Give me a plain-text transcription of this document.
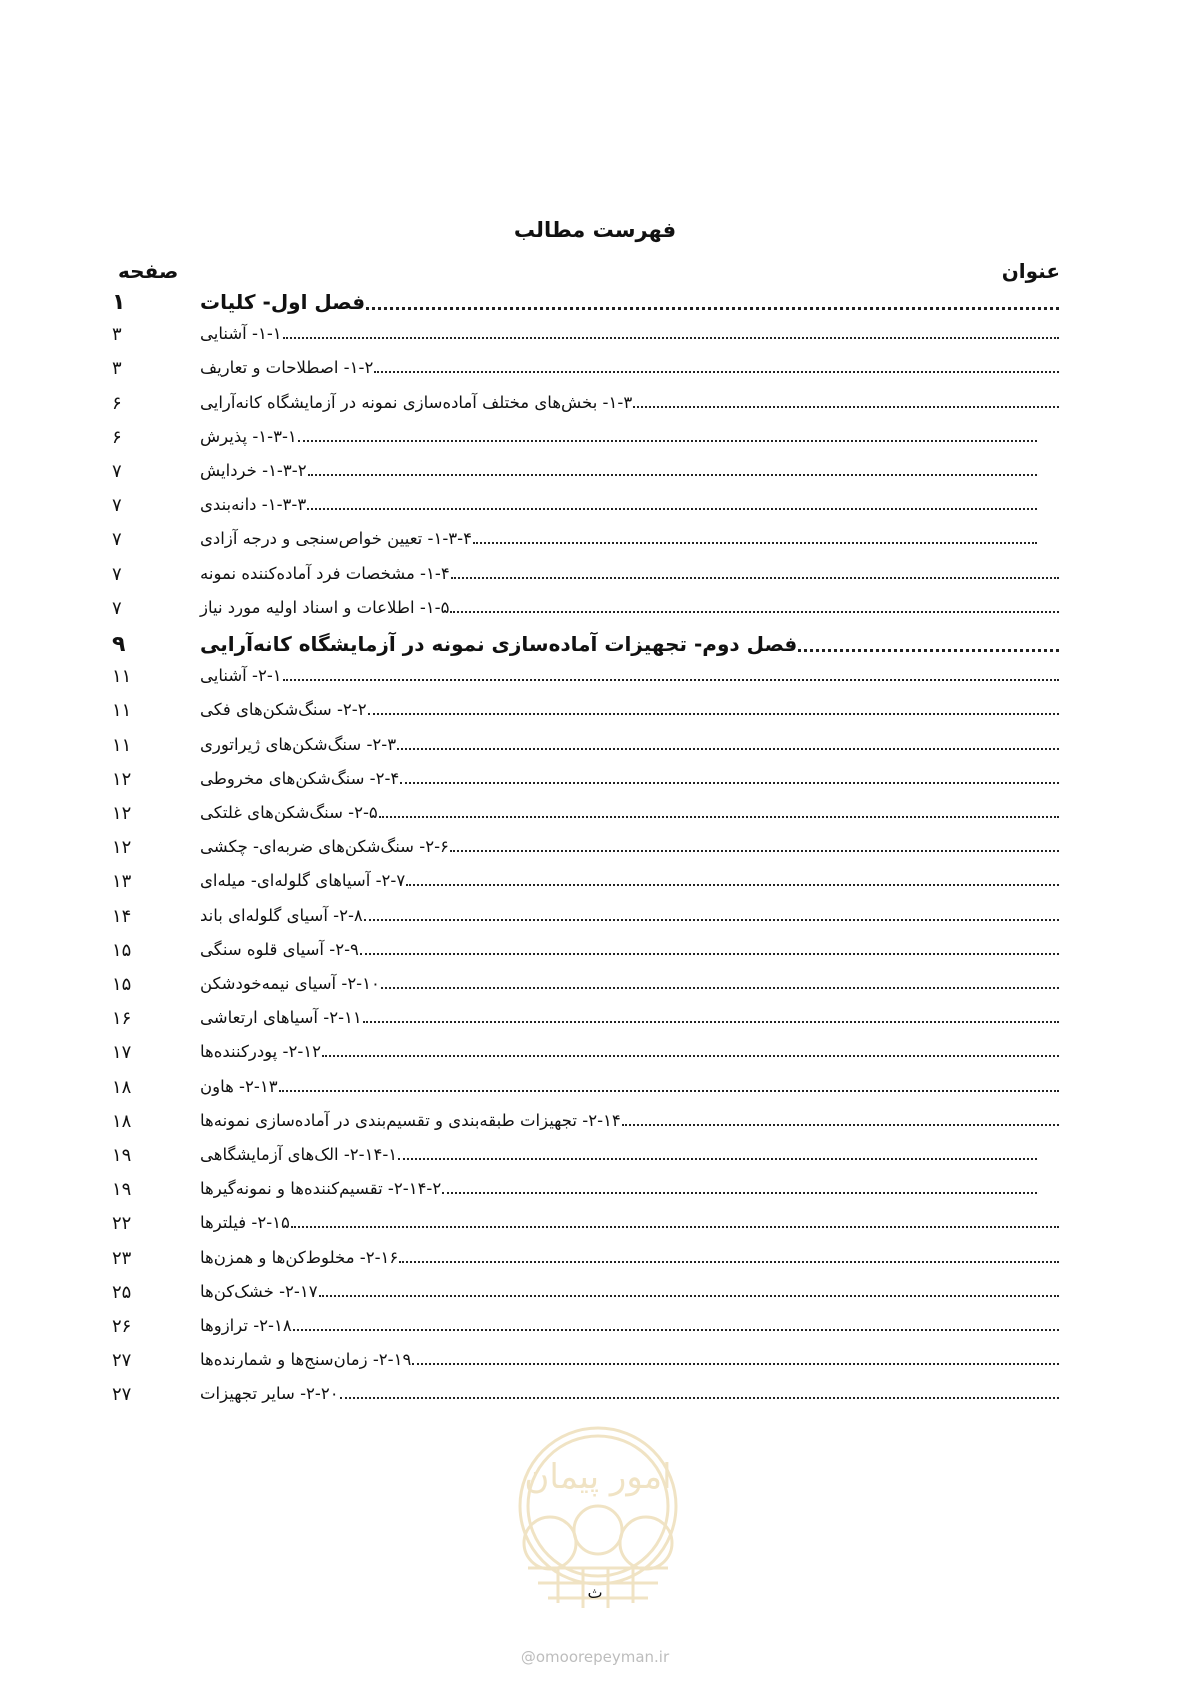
فهرست مطالب
عنوان
صفحه
فصل اول- کلیات
۱
۱-۱- آشنایی
۳
۱-۲- اصطلاحات و تعاریف
۳
۱-۳- بخش‌های مختلف آماده‌سازی نمونه در آزمایشگاه کانه‌آرایی
۶
۱-۳-۱- پذیرش
۶
۱-۳-۲- خردایش
۷
۱-۳-۳- دانه‌بندی
۷
۱-۳-۴- تعیین خواص‌سنجی و درجه آزادی
۷
۱-۴- مشخصات فرد آماده‌کننده نمونه
۷
۱-۵- اطلاعات و اسناد اولیه مورد نیاز
۷
فصل دوم- تجهیزات آماده‌سازی نمونه در آزمایشگاه کانه‌آرایی
۹
۲-۱- آشنایی
۱۱
۲-۲- سنگ‌شکن‌های فکی
۱۱
۲-۳- سنگ‌شکن‌های ژیراتوری
۱۱
۲-۴- سنگ‌شکن‌های مخروطی
۱۲
۲-۵- سنگ‌شکن‌های غلتکی
۱۲
۲-۶- سنگ‌شکن‌های ضربه‌ای- چکشی
۱۲
۲-۷- آسیاهای گلوله‌ای- میله‌ای
۱۳
۲-۸- آسیای گلوله‌ای باند
۱۴
۲-۹- آسیای قلوه سنگی
۱۵
۲-۱۰- آسیای نیمه‌خودشکن
۱۵
۲-۱۱- آسیاهای ارتعاشی
۱۶
۲-۱۲- پودرکننده‌ها
۱۷
۲-۱۳- هاون
۱۸
۲-۱۴- تجهیزات طبقه‌بندی و تقسیم‌بندی در آماده‌سازی نمونه‌ها
۱۸
۲-۱۴-۱- الک‌های آزمایشگاهی
۱۹
۲-۱۴-۲- تقسیم‌کننده‌ها و نمونه‌گیرها
۱۹
۲-۱۵- فیلترها
۲۲
۲-۱۶- مخلوط‌کن‌ها و همزن‌ها
۲۳
۲-۱۷- خشک‌کن‌ها
۲۵
۲-۱۸- ترازوها
۲۶
۲-۱۹- زمان‌سنج‌ها و شمارنده‌ها
۲۷
۲-۲۰- سایر تجهیزات
۲۷
امور پیمان
ث
@omoorepeyman.ir
